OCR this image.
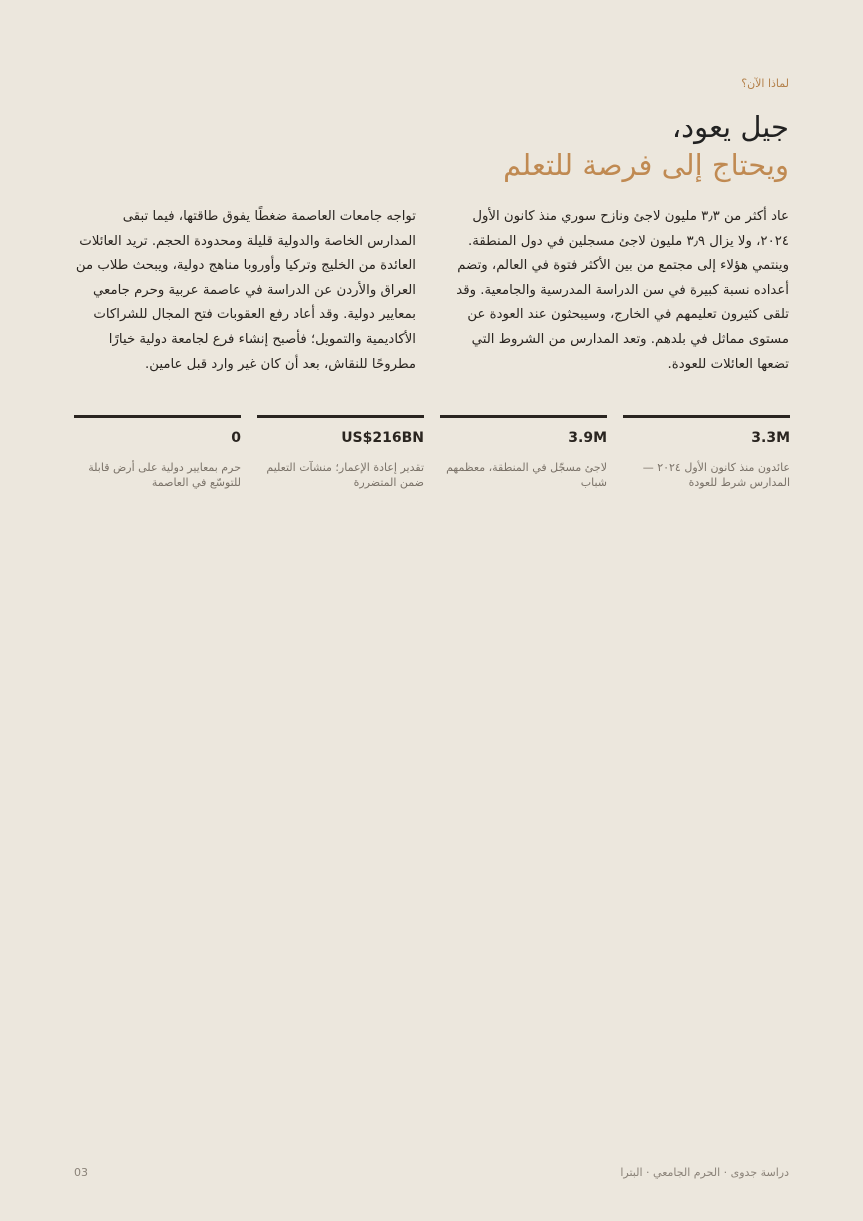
لماذا الآن؟
جيل يعود،
ويحتاج إلى فرصة للتعلم
عاد أكثر من ٣٫٣ مليون لاجئ ونازح سوري منذ كانون الأول ٢٠٢٤، ولا يزال ٣٫٩ مليون لاجئ مسجلين في دول المنطقة. وينتمي هؤلاء إلى مجتمع من بين الأكثر فتوة في العالم، وتضم أعداده نسبة كبيرة في سن الدراسة المدرسية والجامعية. وقد تلقى كثيرون تعليمهم في الخارج، وسيبحثون عند العودة عن مستوى مماثل في بلدهم. وتعد المدارس من الشروط التي تضعها العائلات للعودة.
تواجه جامعات العاصمة ضغطًا يفوق طاقتها، فيما تبقى المدارس الخاصة والدولية قليلة ومحدودة الحجم. تريد العائلات العائدة من الخليج وتركيا وأوروبا مناهج دولية، ويبحث طلاب من العراق والأردن عن الدراسة في عاصمة عربية وحرم جامعي بمعايير دولية. وقد أعاد رفع العقوبات فتح المجال للشراكات الأكاديمية والتمويل؛ فأصبح إنشاء فرع لجامعة دولية خيارًا مطروحًا للنقاش، بعد أن كان غير وارد قبل عامين.
3.3M
عائدون منذ كانون الأول ٢٠٢٤ — المدارس شرط للعودة
3.9M
لاجئ مسجّل في المنطقة، معظمهم شباب
US$216BN
تقدير إعادة الإعمار؛ منشآت التعليم ضمن المتضررة
0
حرم بمعايير دولية على أرض قابلة للتوسّع في العاصمة
03	دراسة جدوى · الحرم الجامعي · البترا
